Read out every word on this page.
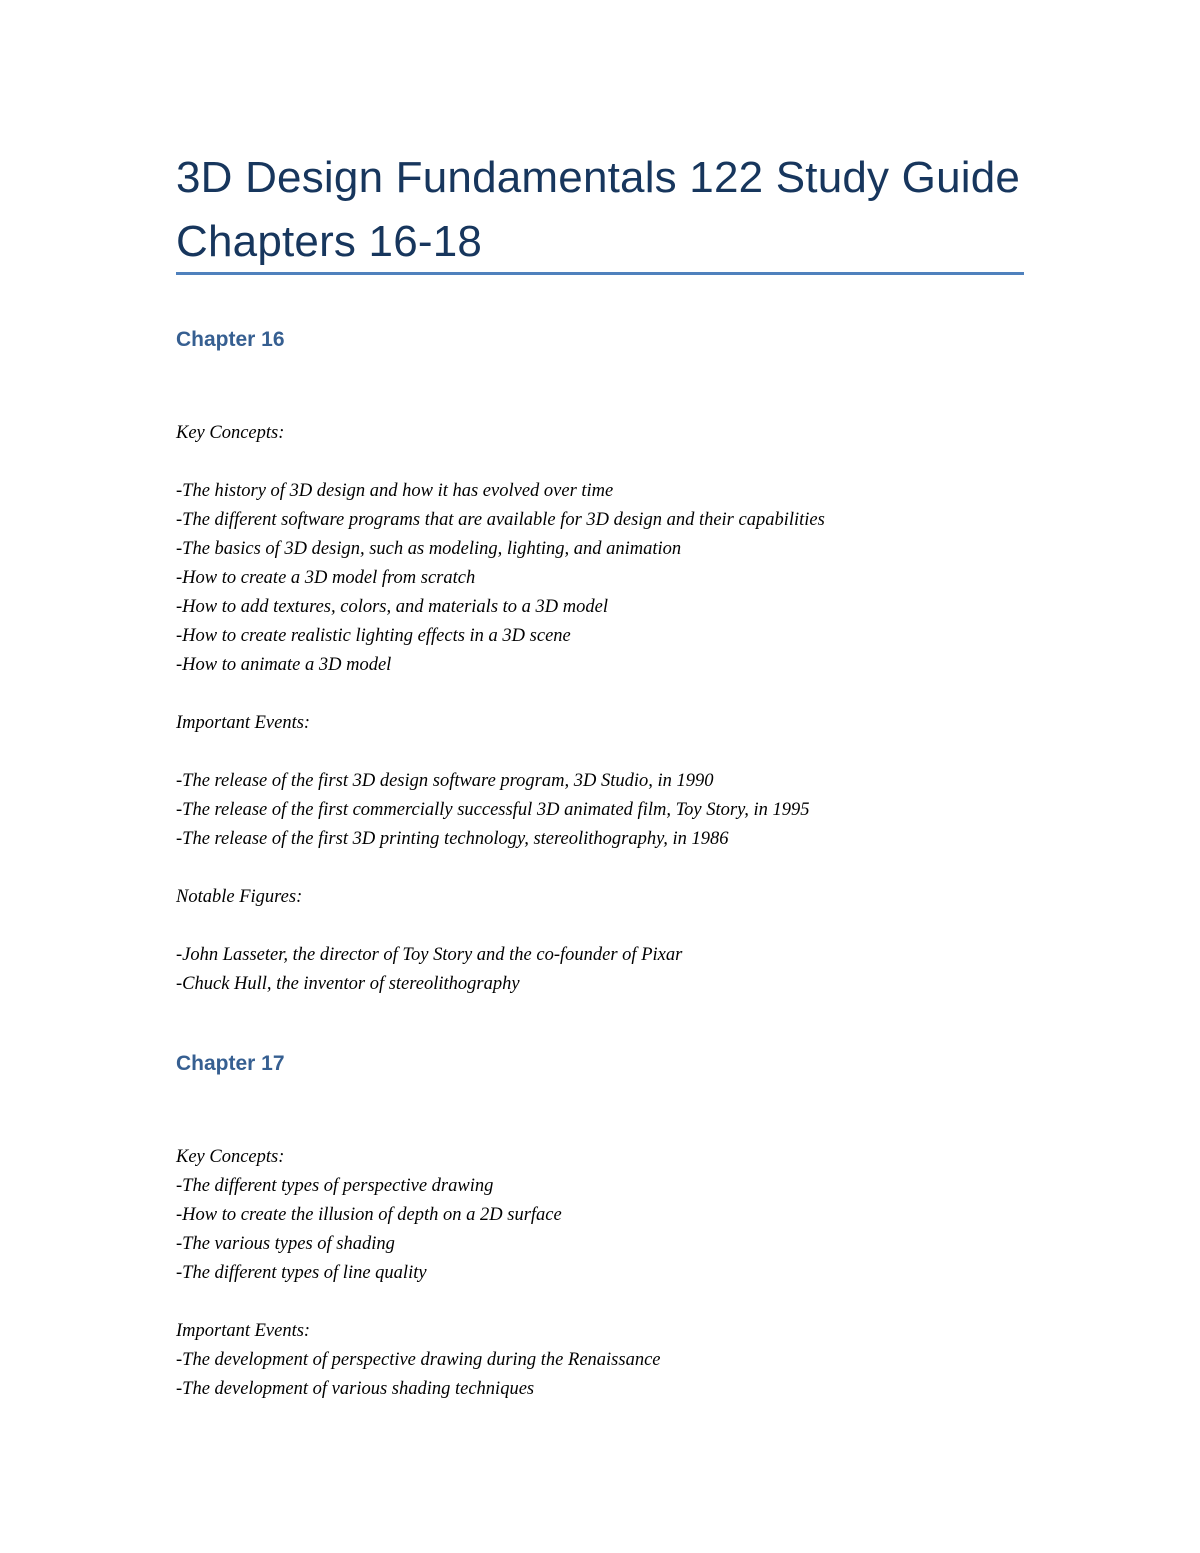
3D Design Fundamentals 122 Study Guide Chapters 16-18
Chapter 16

Key Concepts:

-The history of 3D design and how it has evolved over time

-The different software programs that are available for 3D design and their capabilities

-The basics of 3D design, such as modeling, lighting, and animation

-How to create a 3D model from scratch

-How to add textures, colors, and materials to a 3D model

-How to create realistic lighting effects in a 3D scene

-How to animate a 3D model

Important Events:

-The release of the first 3D design software program, 3D Studio, in 1990

-The release of the first commercially successful 3D animated film, Toy Story, in 1995

-The release of the first 3D printing technology, stereolithography, in 1986

Notable Figures:

-John Lasseter, the director of Toy Story and the co-founder of Pixar

-Chuck Hull, the inventor of stereolithography

Chapter 17

Key Concepts:

-The different types of perspective drawing

-How to create the illusion of depth on a 2D surface

-The various types of shading

-The different types of line quality

Important Events:

-The development of perspective drawing during the Renaissance

-The development of various shading techniques
